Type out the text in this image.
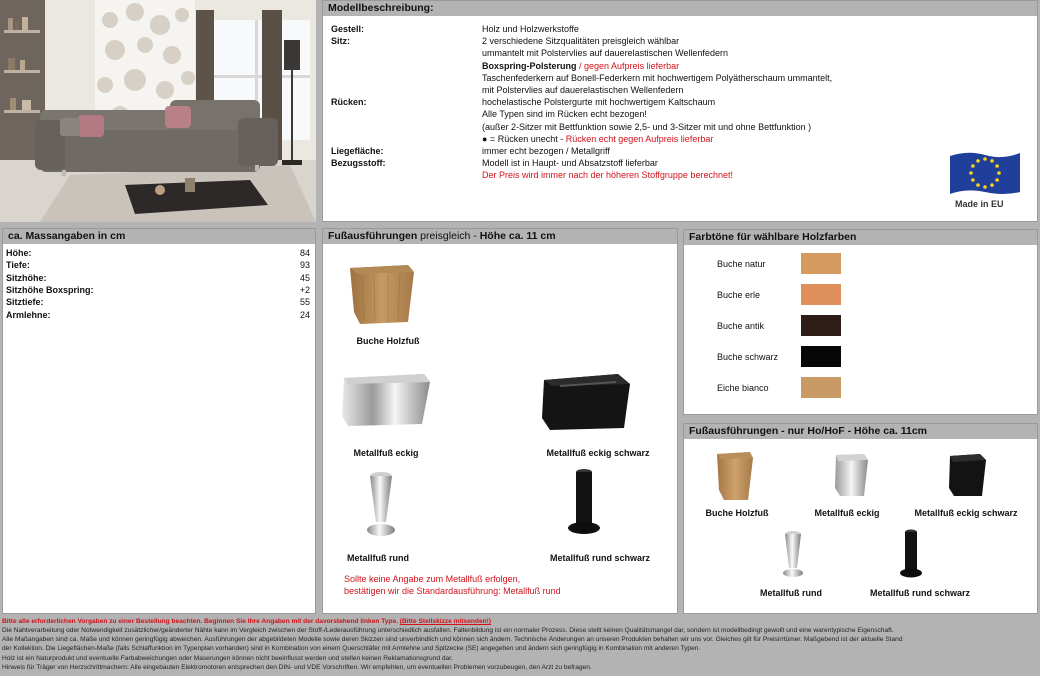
Modellbeschreibung:
Gestell:	Holz und Holzwerkstoffe
Sitz:	2 verschiedene Sitzqualitäten preisgleich wählbar
ummantelt mit Polstervlies auf dauerelastischen Wellenfedern
Boxspring-Polsterung / gegen Aufpreis lieferbar
Taschenfederkern auf Bonell-Federkern mit hochwertigem Polyätherschaum ummantelt,
mit Polstervlies auf dauerelastischen Wellenfedern
Rücken:	hochelastische Polstergurte mit hochwertigem Kaltschaum
Alle Typen sind im Rücken echt bezogen!
(außer 2-Sitzer mit Bettfunktion sowie 2,5- und 3-Sitzer mit und ohne Bettfunktion )
● = Rücken unecht - Rücken echt gegen Aufpreis lieferbar
Liegefläche:	immer echt bezogen / Metallgriff
Bezugsstoff:	Modell ist in Haupt- und Absatzstoff lieferbar
Der Preis wird immer nach der höheren Stoffgruppe berechnet!
Made in EU
ca. Massangaben in cm
Höhe:	84
Tiefe:	93
Sitzhöhe:	45
Sitzhöhe Boxspring:	+2
Sitztiefe:	55
Armlehne:	24
Fußausführungen preisgleich - Höhe ca. 11 cm
Buche Holzfuß
Metallfuß eckig	Metallfuß eckig schwarz
Metallfuß rund	Metallfuß rund schwarz
Sollte keine Angabe zum Metallfuß erfolgen,
bestätigen wir die Standardausführung: Metallfuß rund
Farbtöne für wählbare Holzfarben
Buche natur
Buche erle
Buche antik
Buche schwarz
Eiche bianco
Fußausführungen - nur Ho/HoF - Höhe ca. 11cm
Buche Holzfuß	Metallfuß eckig	Metallfuß eckig schwarz
Metallfuß rund	Metallfuß rund schwarz
Bitte alle erforderlichen Vorgaben zu einer Bestellung beachten. Beginnen Sie Ihre Angaben mit der davorstehend linken Type. (Bitte Stellskizze mitsenden!)
Die Nahtverarbeitung oder Notwendigkeit zusätzlicher/geänderter Nähte kann im Vergleich zwischen der Stoff-/Lederausführung unterschiedlich ausfallen. Faltenbildung ist ein normaler Prozess. Diese stellt keinen Qualitätsmangel dar, sondern ist modellbedingt gewollt und eine warentypische Eigenschaft.
Alle Maßangaben sind ca. Maße und können geringfügig abweichen. Ausführungen der abgebildeten Modelle sowie deren Skizzen sind unverbindlich und können sich ändern. Technische Änderungen an unseren Produkten behalten wir uns vor. Gleiches gilt für Preisirrtümer. Maßgebend ist der aktuelle Stand
der Kollektion. Die Liegeflächen-Maße (falls Schlaffunktion im Typenplan vorhanden) sind in Kombination von einem Querschläfer mit Armlehne und Spitzecke (SE) angegeben und ändern sich geringfügig in Kombination mit anderen Typen.
Holz ist ein Naturprodukt und eventuelle Farbabweichungen oder Maserungen können nicht beeinflusst werden und stellen keinen Reklamationsgrund dar.
Hinweis für Träger von Herzschrittmachern: Alle eingebauten Elektromotoren entsprechen den DIN- und VDE Vorschriften. Wir empfehlen, um eventuellen Problemen vorzubeugen, den Arzt zu befragen.
